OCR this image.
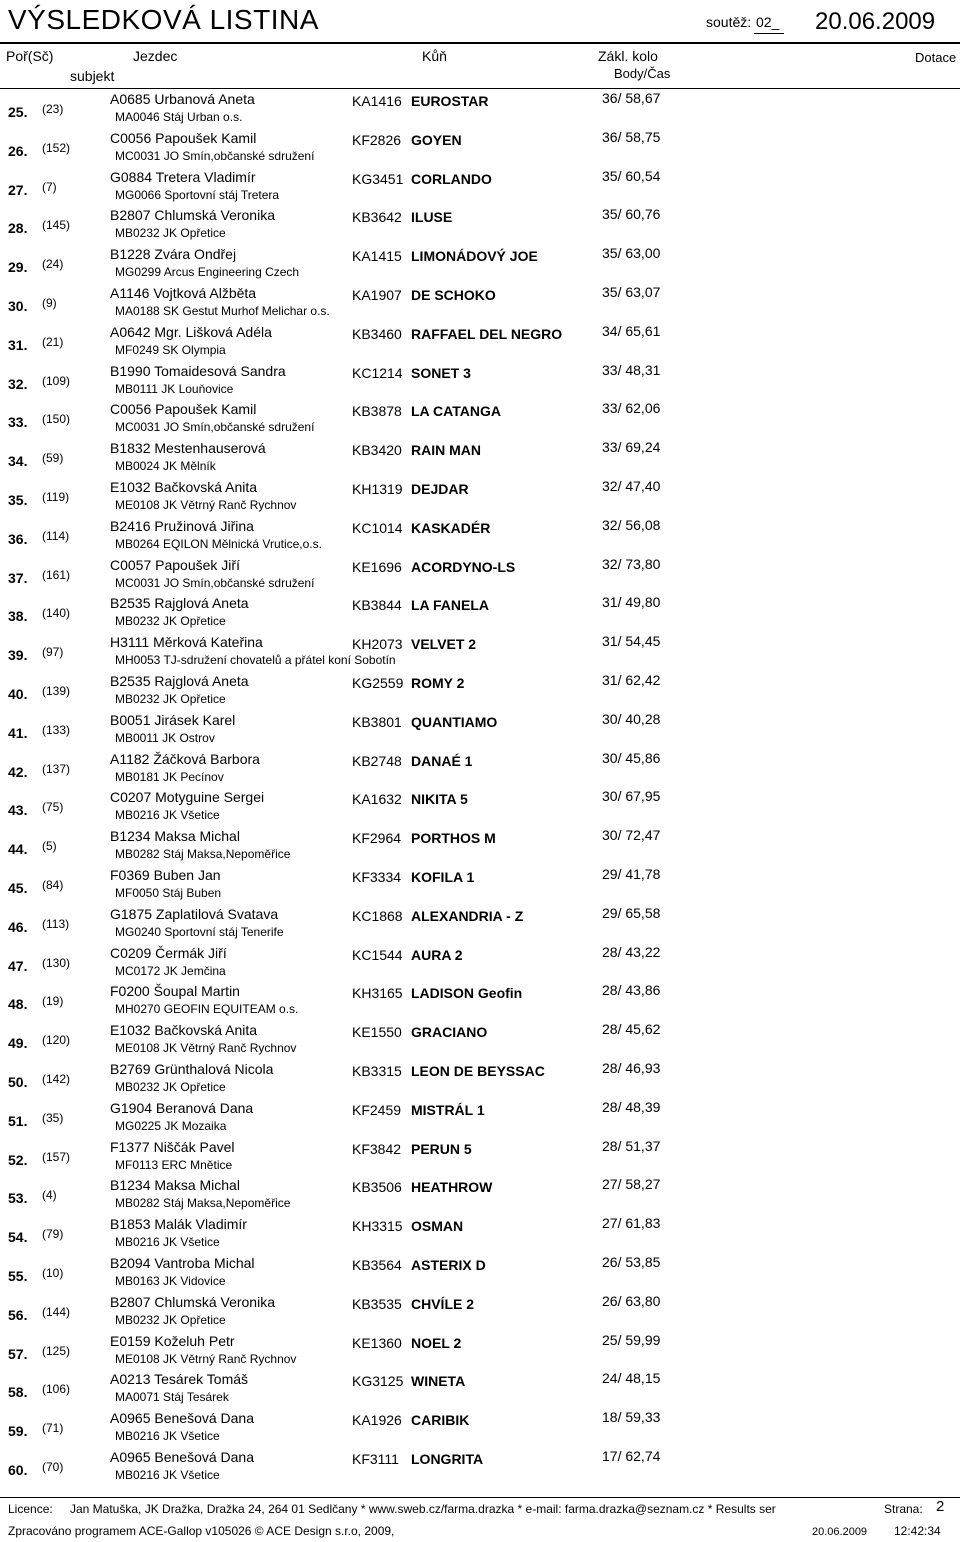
VÝSLEDKOVÁ LISTINA	soutěž: 02_ 20.06.2009
Poř(Sč)
subjekt
Jezdec	Kůň	Zákl. kolo
Body/Čas
Dotace
25. (23)
A0685 Urbanová Aneta
MA0046 Stáj Urban o.s.
KA1416 EUROSTAR	36/ 58,67
26. (152)
C0056 Papoušek Kamil
MC0031 JO Smín,občanské sdružení
KF2826 GOYEN	36/ 58,75
27. (7)
G0884 Tretera Vladimír
MG0066 Sportovní stáj Tretera
KG3451 CORLANDO	35/ 60,54
28. (145)
B2807 Chlumská Veronika
MB0232 JK Opřetice
KB3642 ILUSE	35/ 60,76
29. (24)
B1228 Zvára Ondřej
MG0299 Arcus Engineering Czech
KA1415 LIMONÁDOVÝ JOE	35/ 63,00
30. (9)
A1146 Vojtková Alžběta
MA0188 SK Gestut Murhof Melichar o.s.
KA1907 DE SCHOKO	35/ 63,07
31. (21)
A0642 Mgr. Lišková Adéla
MF0249 SK Olympia
KB3460 RAFFAEL DEL NEGRO	34/ 65,61
32. (109)
B1990 Tomaidesová Sandra
MB0111 JK Louňovice
KC1214 SONET 3	33/ 48,31
33. (150)
C0056 Papoušek Kamil
MC0031 JO Smín,občanské sdružení
KB3878 LA CATANGA	33/ 62,06
34. (59)
B1832 Mestenhauserová
MB0024 JK Mělník
KB3420 RAIN MAN	33/ 69,24
35. (119)
E1032 Bačkovská Anita
ME0108 JK Větrný Ranč Rychnov
KH1319 DEJDAR	32/ 47,40
36. (114)
B2416 Pružinová Jiřina
MB0264 EQILON Mělnická Vrutice,o.s.
KC1014 KASKADÉR	32/ 56,08
37. (161)
C0057 Papoušek Jiří
MC0031 JO Smín,občanské sdružení
KE1696 ACORDYNO-LS	32/ 73,80
38. (140)
B2535 Rajglová Aneta
MB0232 JK Opřetice
KB3844 LA FANELA	31/ 49,80
39. (97)
H3111 Měrková Kateřina
MH0053 TJ-sdružení chovatelů a přátel koní Sobotín
KH2073 VELVET 2	31/ 54,45
40. (139)
B2535 Rajglová Aneta
MB0232 JK Opřetice
KG2559 ROMY 2	31/ 62,42
41. (133)
B0051 Jirásek Karel
MB0011 JK Ostrov
KB3801 QUANTIAMO	30/ 40,28
42. (137)
A1182 Žáčková Barbora
MB0181 JK Pecínov
KB2748 DANAÉ 1	30/ 45,86
43. (75)
C0207 Motyguine Sergei
MB0216 JK Všetice
KA1632 NIKITA 5	30/ 67,95
44. (5)
B1234 Maksa Michal
MB0282 Stáj Maksa,Nepoměřice
KF2964 PORTHOS M	30/ 72,47
45. (84)
F0369 Buben Jan
MF0050 Stáj Buben
KF3334 KOFILA 1	29/ 41,78
46. (113)
G1875 Zaplatilová Svatava
MG0240 Sportovní stáj Tenerife
KC1868 ALEXANDRIA - Z	29/ 65,58
47. (130)
C0209 Čermák Jiří
MC0172 JK Jemčina
KC1544 AURA 2	28/ 43,22
48. (19)
F0200 Šoupal Martin
MH0270 GEOFIN EQUITEAM o.s.
KH3165 LADISON Geofin	28/ 43,86
49. (120)
E1032 Bačkovská Anita
ME0108 JK Větrný Ranč Rychnov
KE1550 GRACIANO	28/ 45,62
50. (142)
B2769 Grünthalová Nicola
MB0232 JK Opřetice
KB3315 LEON DE BEYSSAC	28/ 46,93
51. (35)
G1904 Beranová Dana
MG0225 JK Mozaika
KF2459 MISTRÁL 1	28/ 48,39
52. (157)
F1377 Niščák Pavel
MF0113 ERC Mnětice
KF3842 PERUN 5	28/ 51,37
53. (4)
B1234 Maksa Michal
MB0282 Stáj Maksa,Nepoměřice
KB3506 HEATHROW	27/ 58,27
54. (79)
B1853 Malák Vladimír
MB0216 JK Všetice
KH3315 OSMAN	27/ 61,83
55. (10)
B2094 Vantroba Michal
MB0163 JK Vidovice
KB3564 ASTERIX D	26/ 53,85
56. (144)
B2807 Chlumská Veronika
MB0232 JK Opřetice
KB3535 CHVÍLE 2	26/ 63,80
57. (125)
E0159 Koželuh Petr
ME0108 JK Větrný Ranč Rychnov
KE1360 NOEL 2	25/ 59,99
58. (106)
A0213 Tesárek Tomáš
MA0071 Stáj Tesárek
KG3125 WINETA	24/ 48,15
59. (71)
A0965 Benešová Dana
MB0216 JK Všetice
KA1926 CARIBIK	18/ 59,33
60. (70)
A0965 Benešová Dana
MB0216 JK Všetice
KF3111 LONGRITA	17/ 62,74
Licence: Jan Matuška, JK Dražka, Dražka 24, 264 01 Sedlčany * www.sweb.cz/farma.drazka * e-mail: farma.drazka@seznam.cz * Results ser	Strana: 2
Zpracováno programem ACE-Gallop v105026 © ACE Design s.r.o, 2009,	20.06.2009 12:42:34
